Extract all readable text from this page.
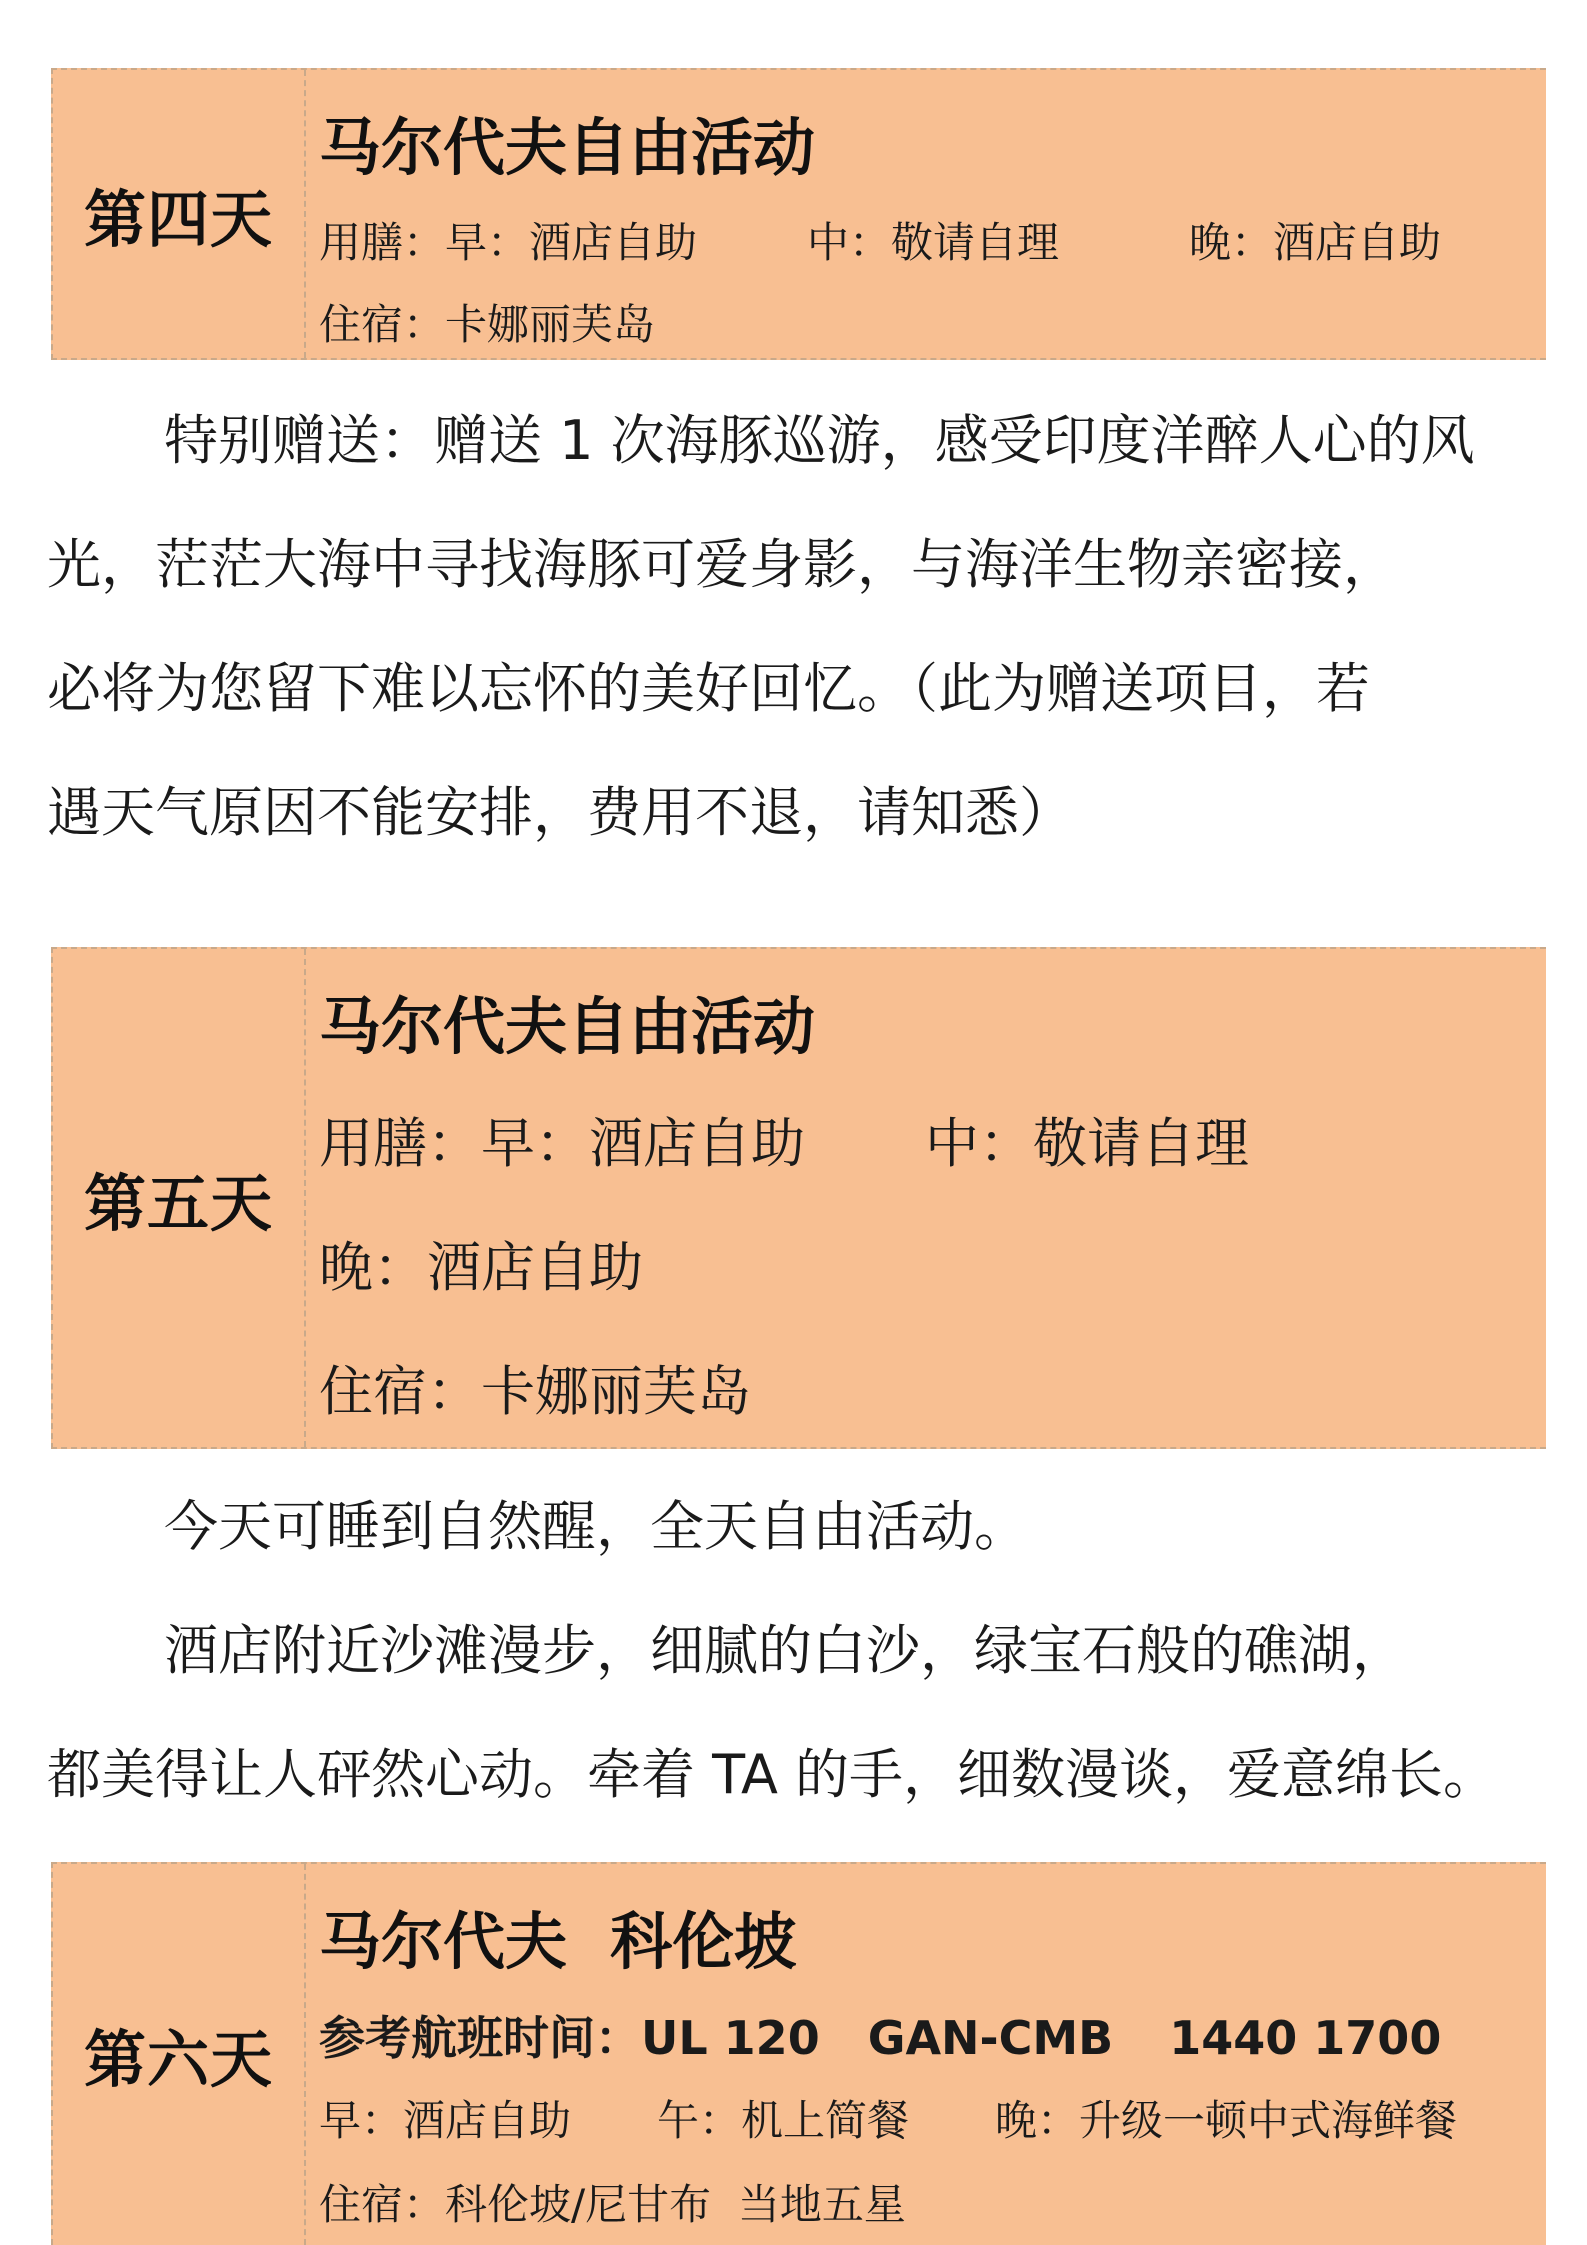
第四天
马尔代夫自由活动
用膳：早：酒店自助	中：敬请自理	晚：酒店自助
住宿：卡娜丽芙岛
特别赠送：赠送 1 次海豚巡游，感受印度洋醉人心的风
光，茫茫大海中寻找海豚可爱身影，与海洋生物亲密接，
必将为您留下难以忘怀的美好回忆。（此为赠送项目，若
遇天气原因不能安排，费用不退，请知悉）
第五天
马尔代夫自由活动
用膳：早：酒店自助 中：敬请自理
晚：酒店自助
住宿：卡娜丽芙岛
今天可睡到自然醒，全天自由活动。
酒店附近沙滩漫步，细腻的白沙，绿宝石般的礁湖，
都美得让人砰然心动。牵着 TA 的手，细数漫谈，爱意绵长。
第六天
马尔代夫  科伦坡
参考航班时间：UL 120 GAN-CMB 1440 1700
早：酒店自助 午：机上简餐 晚：升级一顿中式海鲜餐
住宿：科伦坡/尼甘布  当地五星
